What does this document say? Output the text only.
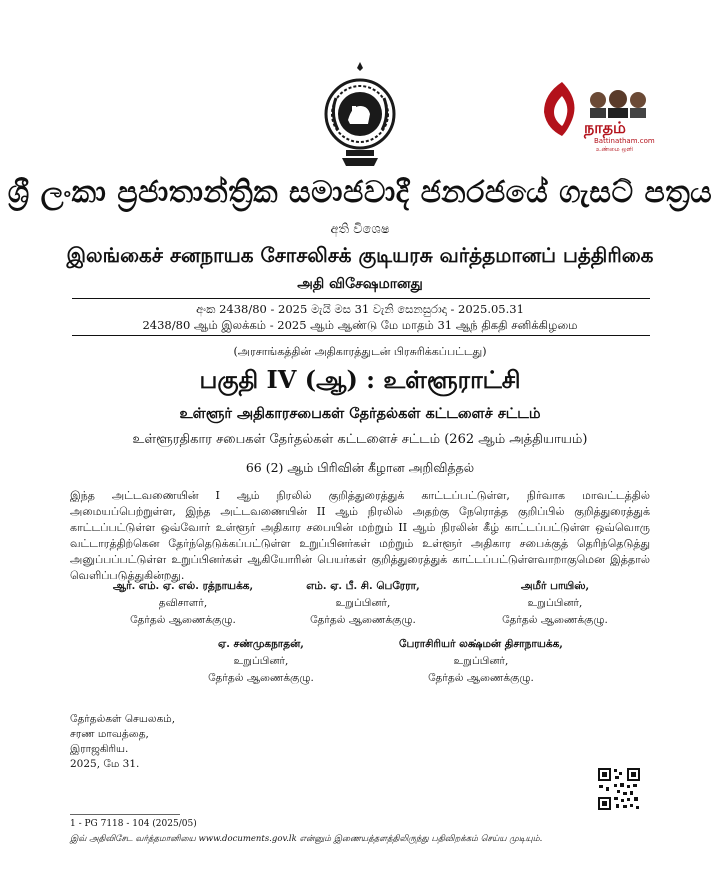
நாதம்
Battinatham.com
உண்மை ஒளி
ශ්‍රී ලංකා ප්‍රජාතාන්ත්‍රික සමාජවාදී ජනරජයේ ගැසට් පත්‍රය
අති විශෙෂ
இலங்கைச் சனநாயக சோசலிசக் குடியரசு வர்த்தமானப் பத்திரிகை
அதி விசேஷமானது
අංක 2438/80 - 2025 මැයි මස 31 වැනි සෙනසුරාදා - 2025.05.31
2438/80 ஆம் இலக்கம் - 2025 ஆம் ஆண்டு மே மாதம் 31 ஆந் திகதி சனிக்கிழமை
(அரசாங்கத்தின் அதிகாரத்துடன் பிரசுரிக்கப்பட்டது)
பகுதி IV (ஆ) : உள்ளூராட்சி
உள்ளூர் அதிகாரசபைகள் தேர்தல்கள் கட்டளைச் சட்டம்
உள்ளூரதிகார சபைகள் தேர்தல்கள் கட்டளைச் சட்டம் (262 ஆம் அத்தியாயம்)
66 (2) ஆம் பிரிவின் கீழான அறிவித்தல்
இந்த அட்டவணையின் I ஆம் நிரலில் குறித்துரைத்துக் காட்டப்பட்டுள்ள, நிர்வாக மாவட்டத்தில் அமையப்பெற்றுள்ள, இந்த அட்டவணையின் II ஆம் நிரலில் அதற்கு நேரொத்த குறிப்பில் குறித்துரைத்துக் காட்டப்பட்டுள்ள ஒவ்வோர் உள்ளூர் அதிகார சபையின் மற்றும் II ஆம் நிரலின் கீழ் காட்டப்பட்டுள்ள ஒவ்வொரு வட்டாரத்திற்கென தேர்ந்தெடுக்கப்பட்டுள்ள உறுப்பினர்கள் மற்றும் உள்ளூர் அதிகார சபைக்குத் தெரிந்தெடுத்து அனுப்பப்பட்டுள்ள உறுப்பினர்கள் ஆகியோரின் பெயர்கள் குறித்துரைத்துக் காட்டப்பட்டுள்ளவாறாகுமென இத்தால் வெளிப்படுத்துகின்றது.
ஆர். எம். ஏ. எல். ரத்நாயக்க,
தவிசாளர்,
தேர்தல் ஆணைக்குழு.
எம். ஏ. பீ. சி. பெரேரா,
உறுப்பினர்,
தேர்தல் ஆணைக்குழு.
அமீர் பாயிஸ்,
உறுப்பினர்,
தேர்தல் ஆணைக்குழு.
ஏ. சண்முகநாதன்,
உறுப்பினர்,
தேர்தல் ஆணைக்குழு.
பேராசிரியர் லக்ஷ்மன் திசாநாயக்க,
உறுப்பினர்,
தேர்தல் ஆணைக்குழு.
தேர்தல்கள் செயலகம்,
சரண மாவத்தை,
இராஜகிரிய.
2025, மே 31.
1 - PG 7118 - 104 (2025/05)
இவ் அதிவிசேட வர்த்தமானியை www.documents.gov.lk என்னும் இணையத்தளத்திலிருந்து பதிவிறக்கம் செய்ய முடியும்.
